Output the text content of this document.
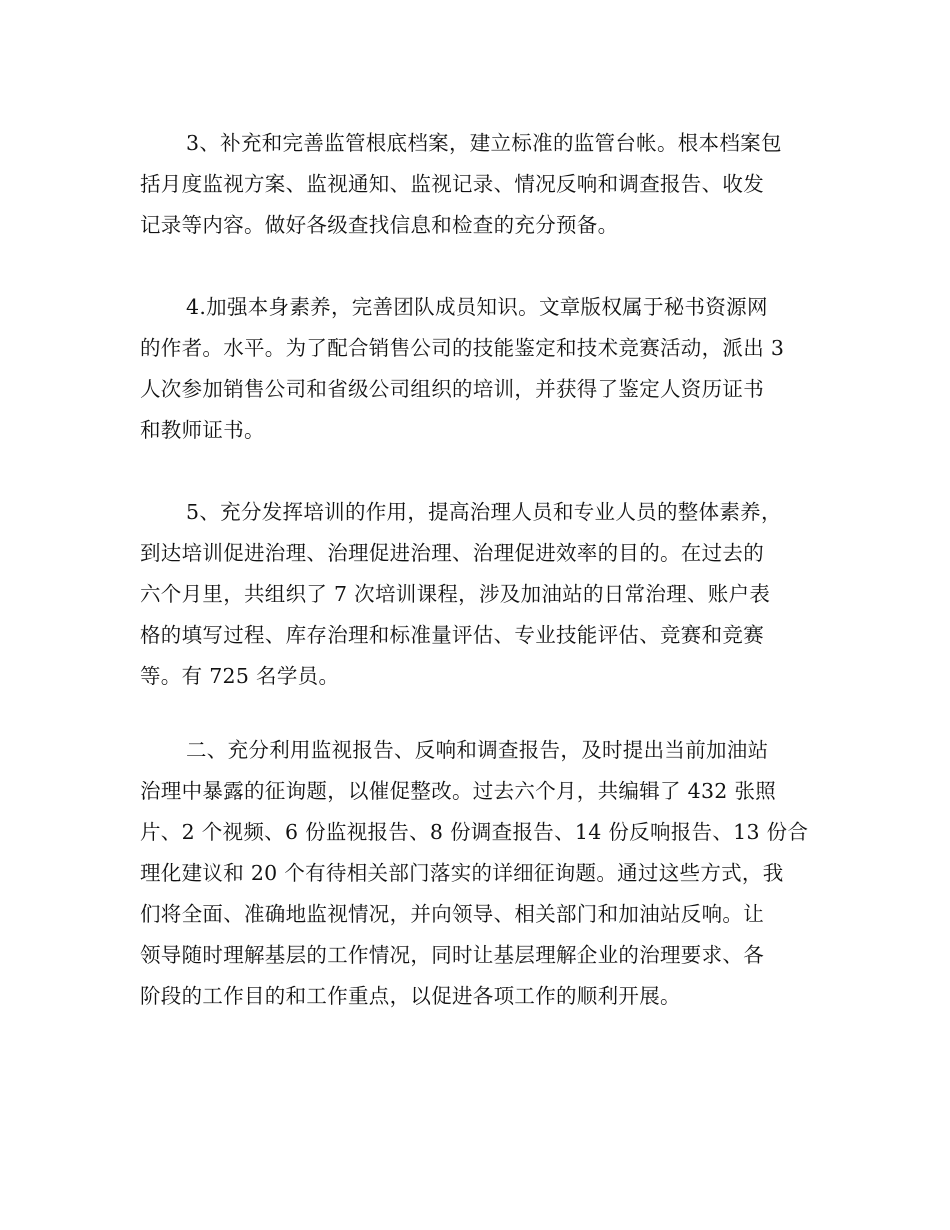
3、补充和完善监管根底档案，建立标准的监管台帐。根本档案包
括月度监视方案、监视通知、监视记录、情况反响和调查报告、收发
记录等内容。做好各级查找信息和检查的充分预备。
4.加强本身素养，完善团队成员知识。文章版权属于秘书资源网
的作者。水平。为了配合销售公司的技能鉴定和技术竞赛活动，派出 3
人次参加销售公司和省级公司组织的培训，并获得了鉴定人资历证书
和教师证书。
5、充分发挥培训的作用，提高治理人员和专业人员的整体素养，
到达培训促进治理、治理促进治理、治理促进效率的目的。在过去的
六个月里，共组织了 7 次培训课程，涉及加油站的日常治理、账户表
格的填写过程、库存治理和标准量评估、专业技能评估、竞赛和竞赛
等。有 725 名学员。
二、充分利用监视报告、反响和调查报告，及时提出当前加油站
治理中暴露的征询题，以催促整改。过去六个月，共编辑了 432 张照
片、2 个视频、6 份监视报告、8 份调查报告、14 份反响报告、13 份合
理化建议和 20 个有待相关部门落实的详细征询题。通过这些方式，我
们将全面、准确地监视情况，并向领导、相关部门和加油站反响。让
领导随时理解基层的工作情况，同时让基层理解企业的治理要求、各
阶段的工作目的和工作重点，以促进各项工作的顺利开展。
